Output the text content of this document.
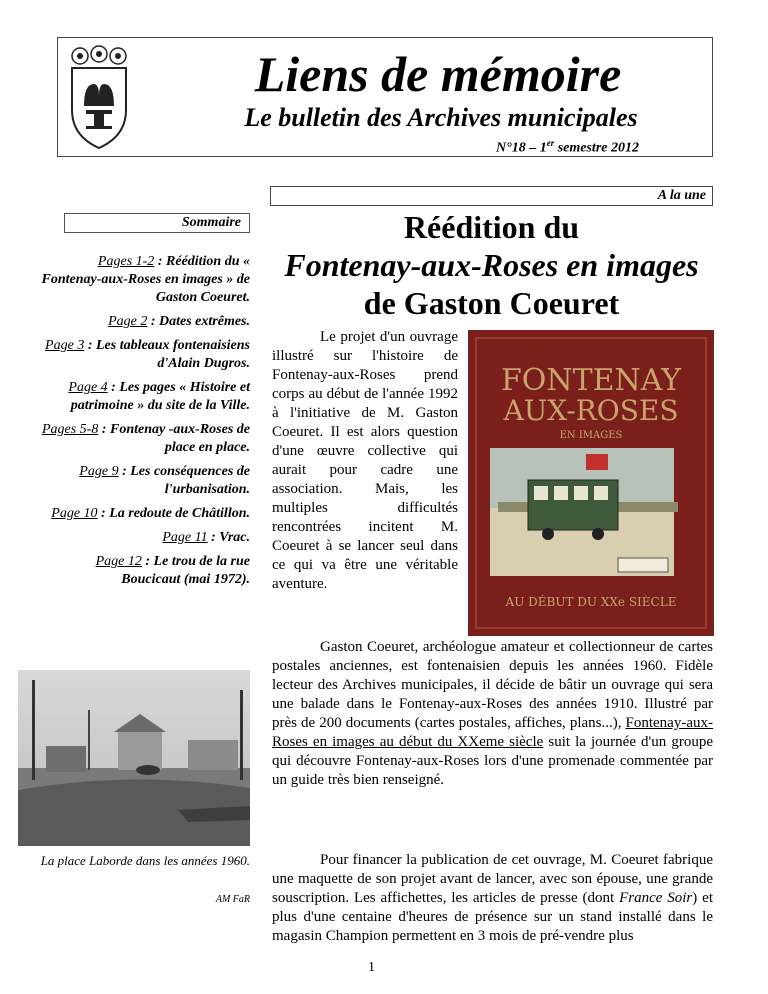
Liens de mémoire
Le bulletin des Archives municipales
N°18 – 1er semestre 2012
A la une
Sommaire
Pages 1-2 : Réédition du « Fontenay-aux-Roses en images » de Gaston Coeuret.
Page 2 : Dates extrêmes.
Page 3 : Les tableaux fontenaisiens d'Alain Dugros.
Page 4 : Les pages « Histoire et patrimoine » du site de la Ville.
Pages 5-8 : Fontenay -aux-Roses de place en place.
Page 9 : Les conséquences de l'urbanisation.
Page 10 : La redoute de Châtillon.
Page 11 : Vrac.
Page 12 : Le trou de la rue Boucicaut (mai 1972).
La place Laborde dans les années 1960.
AM FaR
Réédition du
Fontenay-aux-Roses en images
de Gaston Coeuret
FONTENAY
AUX-ROSES
EN IMAGES
AU DÉBUT DU XXe SIÈCLE

Le projet d'un ouvrage illustré sur l'histoire de Fontenay-aux-Roses prend corps au début de l'année 1992 à l'initiative de M. Gaston Coeuret. Il est alors question d'une œuvre collective qui aurait pour cadre une association. Mais, les multiples difficultés rencontrées incitent M. Coeuret à se lancer seul dans ce qui va être une véritable aventure.

Gaston Coeuret, archéologue amateur et collectionneur de cartes postales anciennes, est fontenaisien depuis les années 1960. Fidèle lecteur des Archives municipales, il décide de bâtir un ouvrage qui sera une balade dans le Fontenay-aux-Roses des années 1910. Illustré par près de 200 documents (cartes postales, affiches, plans...), Fontenay-aux-Roses en images au début du XXeme siècle suit la journée d'un groupe qui découvre Fontenay-aux-Roses lors d'une promenade commentée par un guide très bien renseigné.

Pour financer la publication de cet ouvrage, M. Coeuret fabrique une maquette de son projet avant de lancer, avec son épouse, une grande souscription. Les affichettes, les articles de presse (dont France Soir) et plus d'une centaine d'heures de présence sur un stand installé dans le magasin Champion permettent en 3 mois de pré-vendre plus

1
